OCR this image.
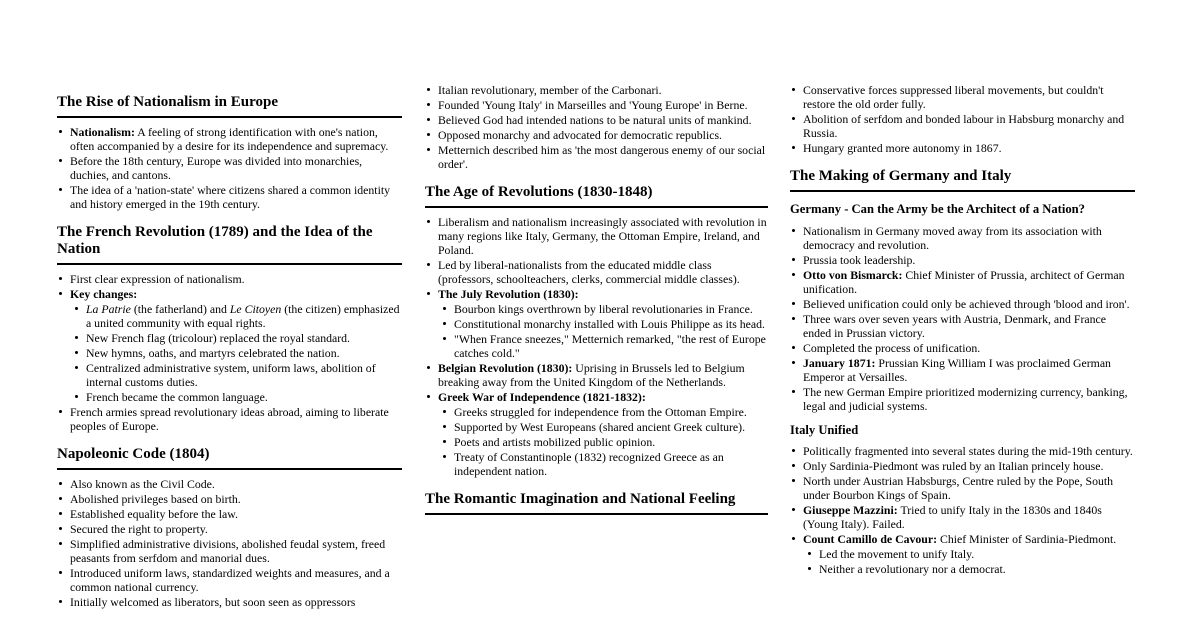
The Rise of Nationalism in Europe
Nationalism: A feeling of strong identification with one's nation, often accompanied by a desire for its independence and supremacy.
Before the 18th century, Europe was divided into monarchies, duchies, and cantons.
The idea of a 'nation-state' where citizens shared a common identity and history emerged in the 19th century.
The French Revolution (1789) and the Idea of the Nation
First clear expression of nationalism.
Key changes:
La Patrie (the fatherland) and Le Citoyen (the citizen) emphasized a united community with equal rights.
New French flag (tricolour) replaced the royal standard.
New hymns, oaths, and martyrs celebrated the nation.
Centralized administrative system, uniform laws, abolition of internal customs duties.
French became the common language.
French armies spread revolutionary ideas abroad, aiming to liberate peoples of Europe.
Napoleonic Code (1804)
Also known as the Civil Code.
Abolished privileges based on birth.
Established equality before the law.
Secured the right to property.
Simplified administrative divisions, abolished feudal system, freed peasants from serfdom and manorial dues.
Introduced uniform laws, standardized weights and measures, and a common national currency.
Initially welcomed as liberators, but soon seen as oppressors
Italian revolutionary, member of the Carbonari.
Founded 'Young Italy' in Marseilles and 'Young Europe' in Berne.
Believed God had intended nations to be natural units of mankind.
Opposed monarchy and advocated for democratic republics.
Metternich described him as 'the most dangerous enemy of our social order'.
The Age of Revolutions (1830-1848)
Liberalism and nationalism increasingly associated with revolution in many regions like Italy, Germany, the Ottoman Empire, Ireland, and Poland.
Led by liberal-nationalists from the educated middle class (professors, schoolteachers, clerks, commercial middle classes).
The July Revolution (1830):
Bourbon kings overthrown by liberal revolutionaries in France.
Constitutional monarchy installed with Louis Philippe as its head.
"When France sneezes," Metternich remarked, "the rest of Europe catches cold."
Belgian Revolution (1830): Uprising in Brussels led to Belgium breaking away from the United Kingdom of the Netherlands.
Greek War of Independence (1821-1832):
Greeks struggled for independence from the Ottoman Empire.
Supported by West Europeans (shared ancient Greek culture).
Poets and artists mobilized public opinion.
Treaty of Constantinople (1832) recognized Greece as an independent nation.
The Romantic Imagination and National Feeling
Conservative forces suppressed liberal movements, but couldn't restore the old order fully.
Abolition of serfdom and bonded labour in Habsburg monarchy and Russia.
Hungary granted more autonomy in 1867.
The Making of Germany and Italy
Germany - Can the Army be the Architect of a Nation?
Nationalism in Germany moved away from its association with democracy and revolution.
Prussia took leadership.
Otto von Bismarck: Chief Minister of Prussia, architect of German unification.
Believed unification could only be achieved through 'blood and iron'.
Three wars over seven years with Austria, Denmark, and France ended in Prussian victory.
Completed the process of unification.
January 1871: Prussian King William I was proclaimed German Emperor at Versailles.
The new German Empire prioritized modernizing currency, banking, legal and judicial systems.
Italy Unified
Politically fragmented into several states during the mid-19th century.
Only Sardinia-Piedmont was ruled by an Italian princely house.
North under Austrian Habsburgs, Centre ruled by the Pope, South under Bourbon Kings of Spain.
Giuseppe Mazzini: Tried to unify Italy in the 1830s and 1840s (Young Italy). Failed.
Count Camillo de Cavour: Chief Minister of Sardinia-Piedmont.
Led the movement to unify Italy.
Neither a revolutionary nor a democrat.
